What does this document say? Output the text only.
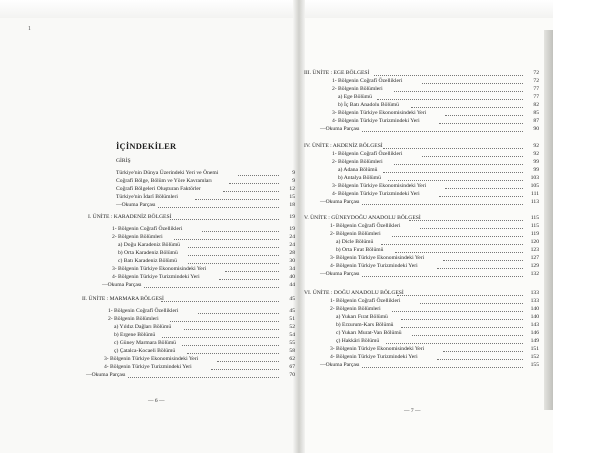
1
İÇİNDEKİLER
— 6 —
— 7 —
GİRİŞ
Türkiye'nin Dünya Üzerindeki Yeri ve Önemi	9
Coğrafî Bölge, Bölüm ve Yöre Kavramları	9
Coğrafî Bölgeleri Oluşturan Faktörler	12
Türkiye'nin İdarî Bölümleri	15
—Okuma Parçası	18
I. ÜNİTE : KARADENİZ BÖLGESİ	19
1- Bölgenin Coğrafî Özellikleri	19
2- Bölgenin Bölümleri	24
a) Doğu Karadeniz Bölümü	24
b) Orta Karadeniz Bölümü	28
c) Batı Karadeniz Bölümü	30
3- Bölgenin Türkiye Ekonomisindeki Yeri	34
4- Bölgenin Türkiye Turizmindeki Yeri	40
—Okuma Parçası	44
II. ÜNİTE : MARMARA BÖLGESİ	45
1- Bölgenin Coğrafî Özellikleri	45
2- Bölgenin Bölümleri	51
a) Yıldız Dağları Bölümü	52
b) Ergene Bölümü	54
c) Güney Marmara Bölümü	55
ç) Çatalca-Kocaeli Bölümü	58
3- Bölgenin Türkiye Ekonomisindeki Yeri	62
4- Bölgenin Türkiye Turizmindeki Yeri	67
—Okuma Parçası	70
III. ÜNİTE : EGE BÖLGESİ	72
1- Bölgenin Coğrafî Özellikleri	72
2- Bölgenin Bölümleri	77
a) Ege Bölümü	77
b) İç Batı Anadolu Bölümü	82
3- Bölgenin Türkiye Ekonomisindeki Yeri	85
4- Bölgenin Türkiye Turizmindeki Yeri	87
—Okuma Parçası	90
IV. ÜNİTE : AKDENİZ BÖLGESİ	92
1- Bölgenin Coğrafî Özellikleri	92
2- Bölgenin Bölümleri	99
a) Adana Bölümü	99
b) Antalya Bölümü	103
3- Bölgenin Türkiye Ekonomisindeki Yeri	105
4- Bölgenin Türkiye Turizmindeki Yeri	111
—Okuma Parçası	113
V. ÜNİTE : GÜNEYDOĞU ANADOLU BÖLGESİ	115
1- Bölgenin Coğrafî Özellikleri	115
2- Bölgenin Bölümleri	119
a) Dicle Bölümü	120
b) Orta Fırat Bölümü	123
3- Bölgenin Türkiye Ekonomisindeki Yeri	127
4- Bölgenin Türkiye Turizmindeki Yeri	129
—Okuma Parçası	132
VI. ÜNİTE : DOĞU ANADOLU BÖLGESİ	133
1- Bölgenin Coğrafî Özellikleri	133
2- Bölgenin Bölümleri	140
a) Yukarı Fırat Bölümü	140
b) Erzurum-Kars Bölümü	143
c) Yukarı Murat-Van Bölümü	146
ç) Hakkâri Bölümü	149
3- Bölgenin Türkiye Ekonomisindeki Yeri	151
4- Bölgenin Türkiye Turizmindeki Yeri	152
—Okuma Parçası	155
